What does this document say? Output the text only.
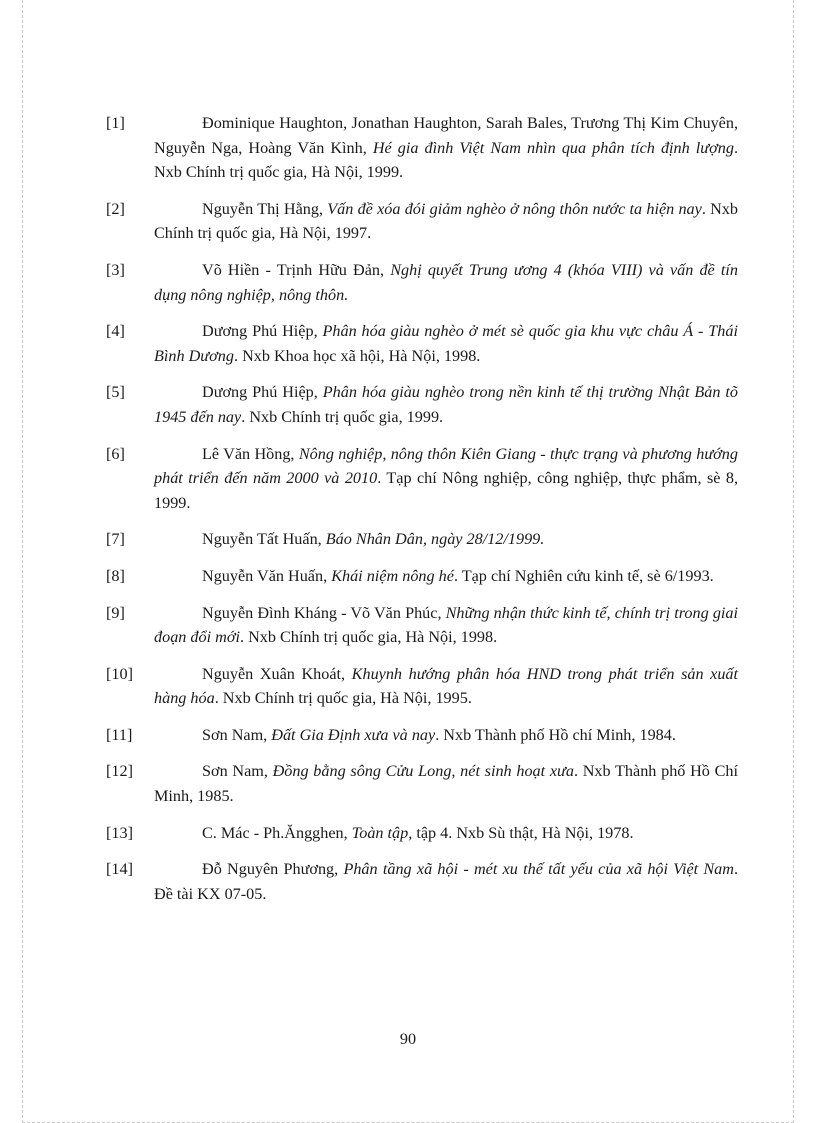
[1]	Đominique Haughton, Jonathan Haughton, Sarah Bales, Trương Thị Kim Chuyên, Nguyễn Nga, Hoàng Văn Kình, Hé gia đình Việt Nam nhìn qua phân tích định lượng. Nxb Chính trị quốc gia, Hà Nội, 1999.
[2]	Nguyễn Thị Hằng, Vấn đề xóa đói giảm nghèo ở nông thôn nước ta hiện nay. Nxb Chính trị quốc gia, Hà Nội, 1997.
[3]	Võ Hiền - Trịnh Hữu Đản, Nghị quyết Trung ương 4 (khóa VIII) và vấn đề tín dụng nông nghiệp, nông thôn.
[4]	Dương Phú Hiệp, Phân hóa giàu nghèo ở mét sè quốc gia khu vực châu Á - Thái Bình Dương. Nxb Khoa học xã hội, Hà Nội, 1998.
[5]	Dương Phú Hiệp, Phân hóa giàu nghèo trong nền kinh tế thị trường Nhật Bản tõ 1945 đến nay. Nxb Chính trị quốc gia, 1999.
[6]	Lê Văn Hồng, Nông nghiệp, nông thôn Kiên Giang - thực trạng và phương hướng phát triển đến năm 2000 và 2010. Tạp chí Nông nghiệp, công nghiệp, thực phẩm, sè 8, 1999.
[7]	Nguyễn Tất Huấn, Báo Nhân Dân, ngày 28/12/1999.
[8]	Nguyễn Văn Huấn, Khái niệm nông hé. Tạp chí Nghiên cứu kinh tế, sè 6/1993.
[9]	Nguyễn Đình Kháng - Võ Văn Phúc, Những nhận thức kinh tế, chính trị trong giai đoạn đổi mới. Nxb Chính trị quốc gia, Hà Nội, 1998.
[10]	Nguyễn Xuân Khoát, Khuynh hướng phân hóa HND trong phát triển sản xuất hàng hóa. Nxb Chính trị quốc gia, Hà Nội, 1995.
[11]	Sơn Nam, Đất Gia Định xưa và nay. Nxb Thành phố Hồ chí Minh, 1984.
[12]	Sơn Nam, Đồng bằng sông Cửu Long, nét sinh hoạt xưa. Nxb Thành phố Hồ Chí Minh, 1985.
[13]	C. Mác - Ph.Ăngghen, Toàn tập, tập 4. Nxb Sù thật, Hà Nội, 1978.
[14]	Đỗ Nguyên Phương, Phân tầng xã hội - mét xu thế tất yếu của xã hội Việt Nam. Đề tài KX 07-05.
90
